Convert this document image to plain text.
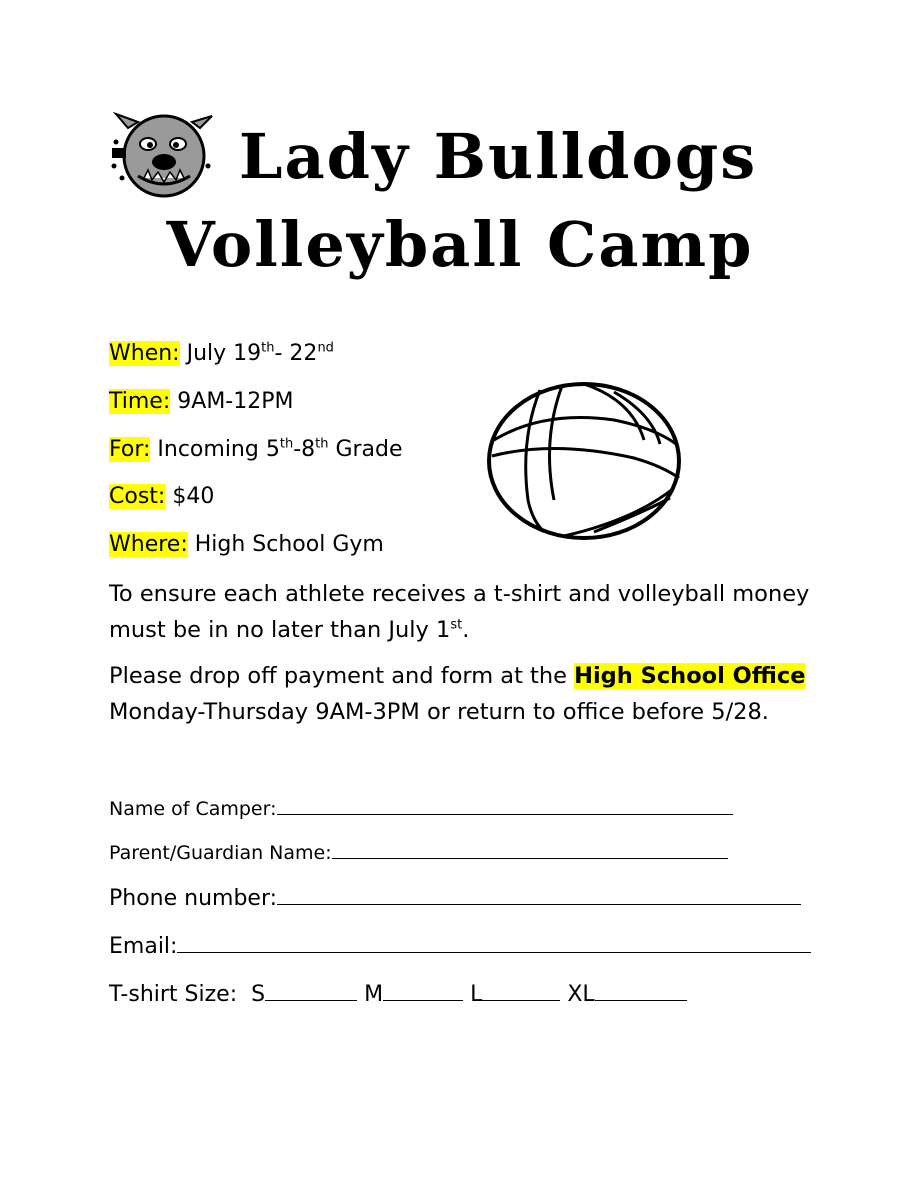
Lady Bulldogs
Volleyball Camp
When: July 19th- 22nd
Time: 9AM-12PM
For: Incoming 5th-8th Grade
Cost: $40
Where: High School Gym
To ensure each athlete receives a t-shirt and volleyball money must be in no later than July 1st.
Please drop off payment and form at the High School Office Monday-Thursday 9AM-3PM or return to office before 5/28.
Name of Camper:
Parent/Guardian Name:
Phone number:
Email:
T-shirt Size: S	M	L	XL
